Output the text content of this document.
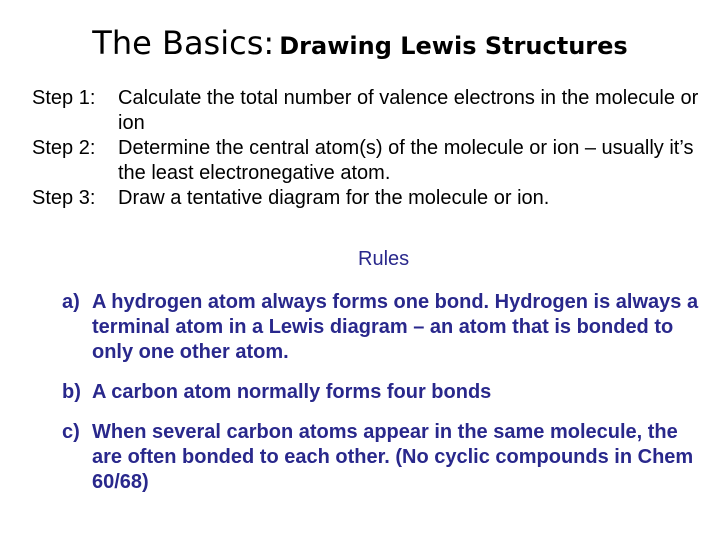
The Basics: Drawing Lewis Structures
Step 1:	Calculate the total number of valence electrons in the molecule or ion
Step 2:	Determine the central atom(s) of the molecule or ion – usually it’s the least electronegative atom.
Step 3:	Draw a tentative diagram for the molecule or ion.
Rules
a) A hydrogen atom always forms one bond. Hydrogen is always a terminal atom in a Lewis diagram – an atom that is bonded to only one other atom.
b) A carbon atom normally forms four bonds
c) When several carbon atoms appear in the same molecule, the are often bonded to each other. (No cyclic compounds in Chem 60/68)
